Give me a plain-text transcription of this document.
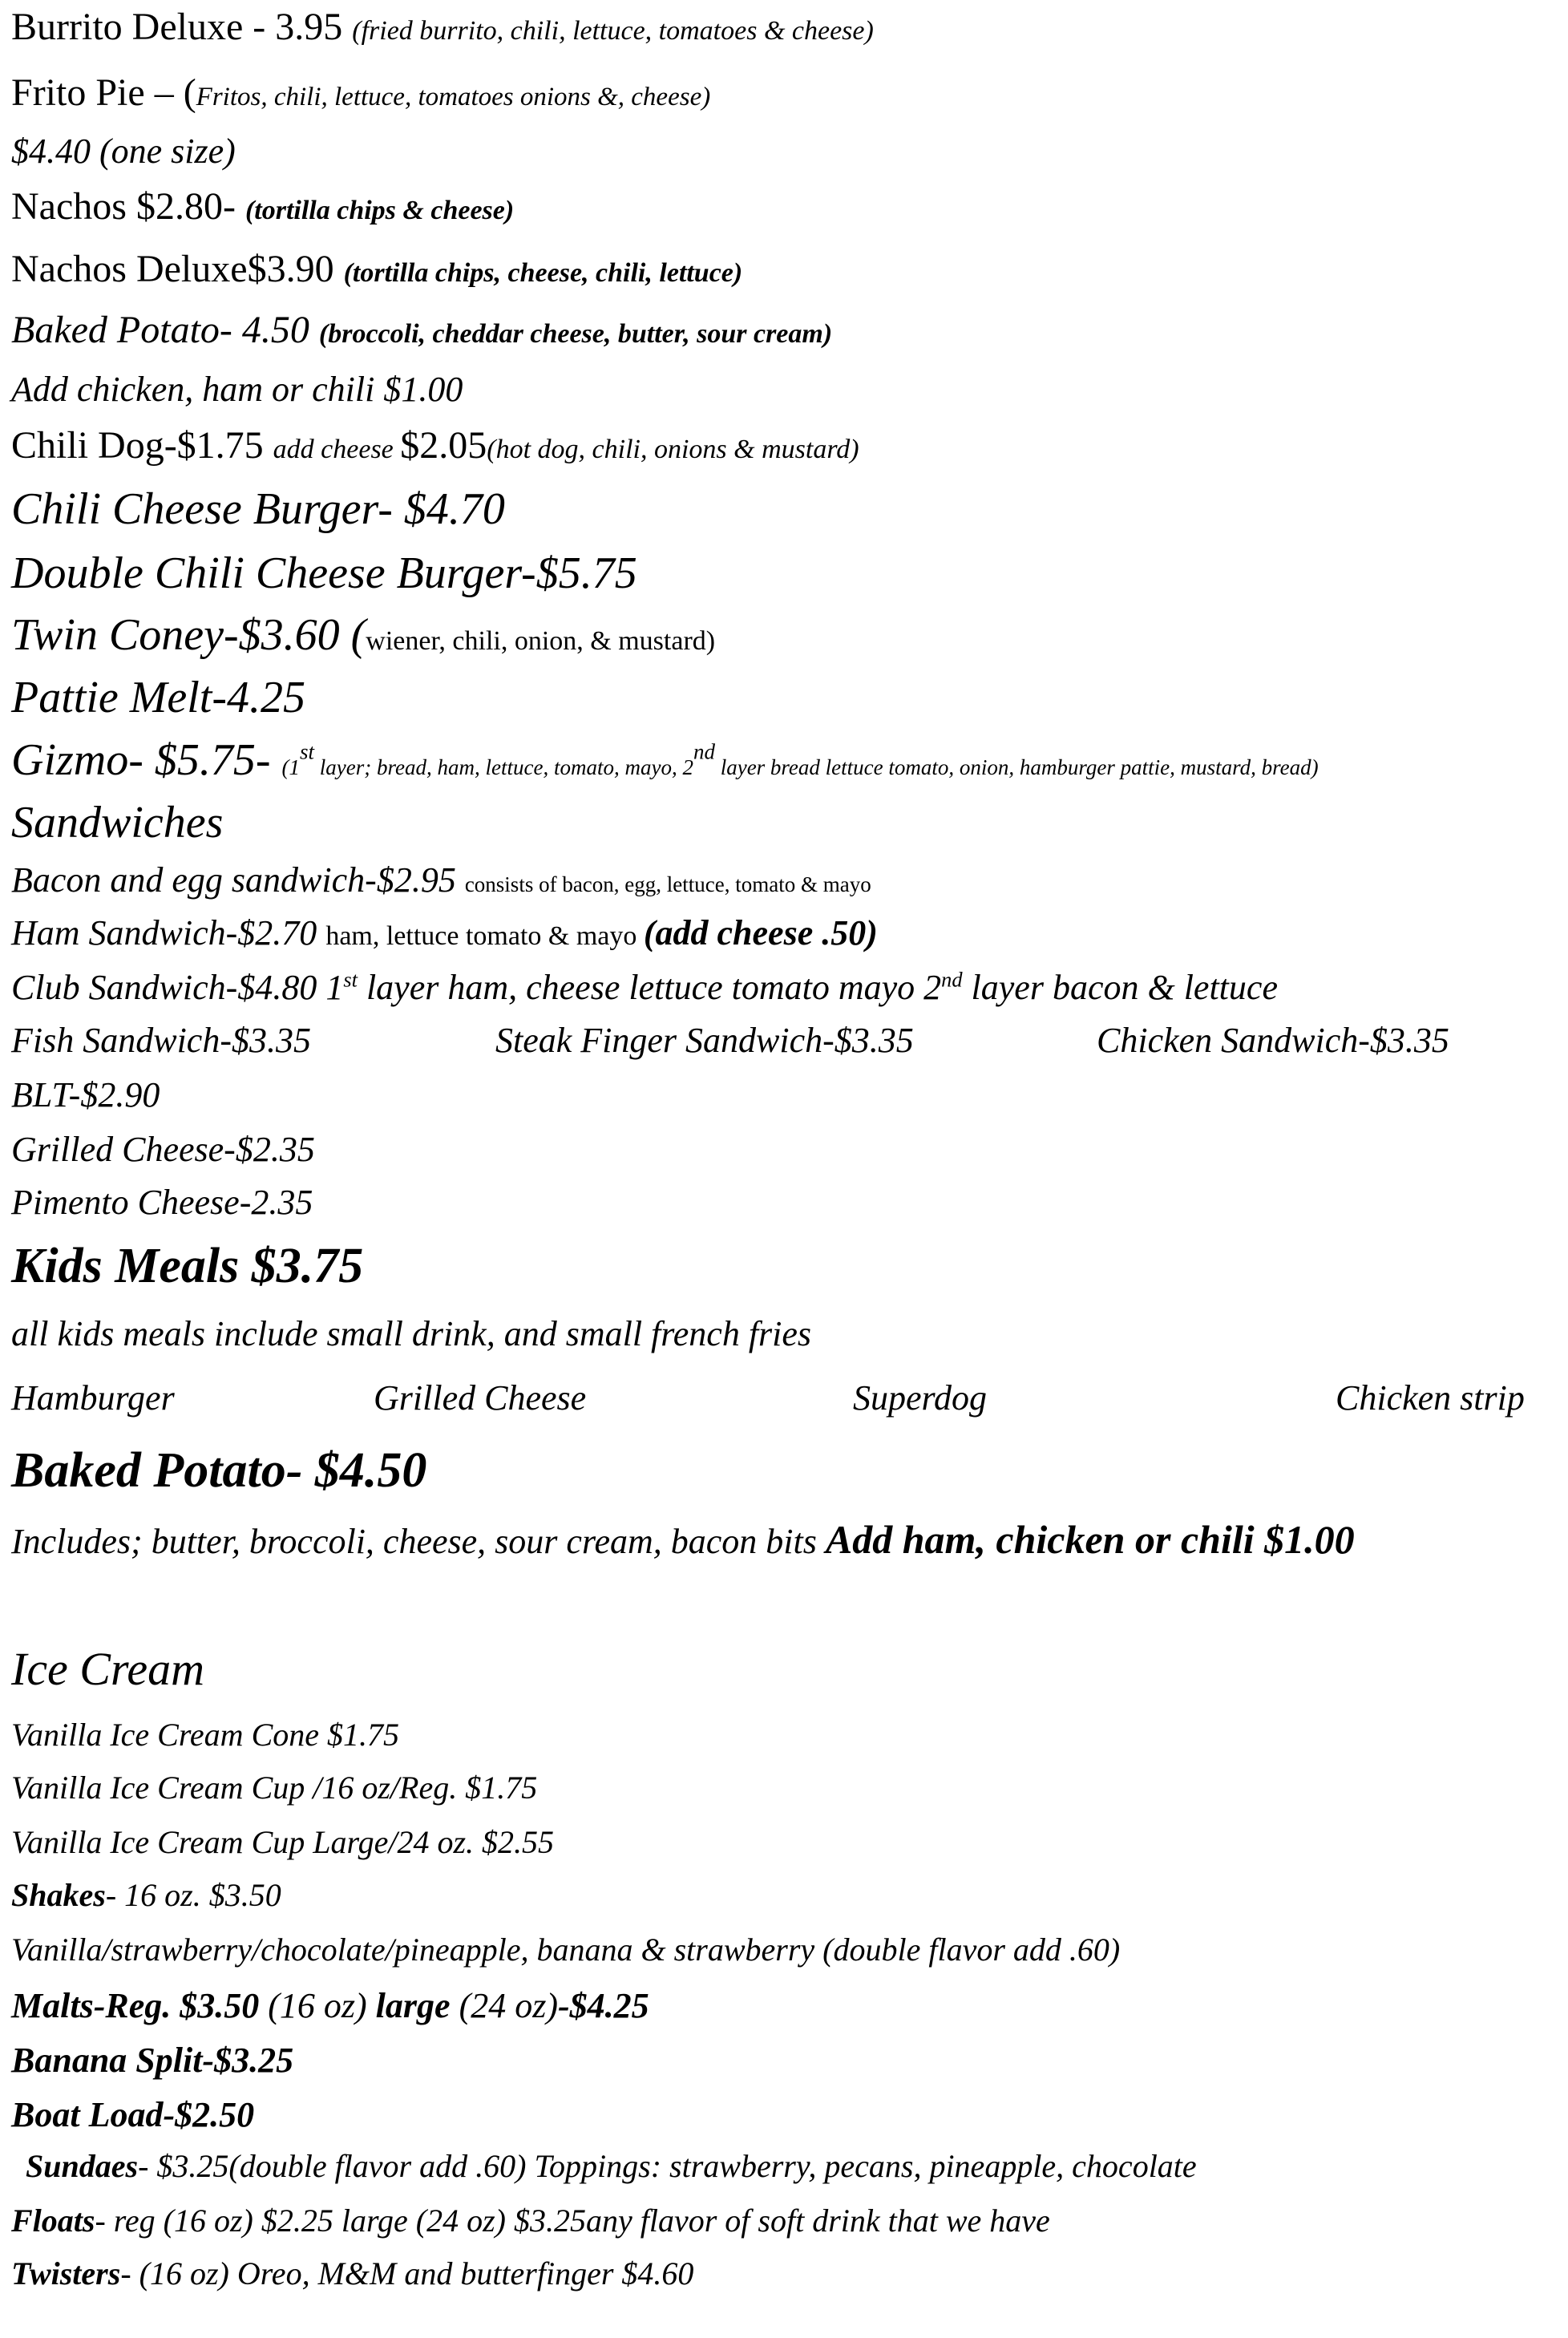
Burrito Deluxe - 3.95 (fried burrito, chili, lettuce, tomatoes & cheese)
Frito Pie – (Fritos, chili, lettuce, tomatoes onions &, cheese)
$4.40 (one size)
Nachos $2.80- (tortilla chips & cheese)
Nachos Deluxe$3.90 (tortilla chips, cheese, chili, lettuce)
Baked Potato- 4.50 (broccoli, cheddar cheese, butter, sour cream)
Add chicken, ham or chili $1.00
Chili Dog-$1.75 add cheese $2.05(hot dog, chili, onions & mustard)
Chili Cheese Burger- $4.70
Double Chili Cheese Burger-$5.75
Twin Coney-$3.60 (wiener, chili, onion, & mustard)
Pattie Melt-4.25
Gizmo- $5.75- (1st layer; bread, ham, lettuce, tomato, mayo, 2nd layer bread lettuce tomato, onion, hamburger pattie, mustard, bread)
Sandwiches
Bacon and egg sandwich-$2.95 consists of bacon, egg, lettuce, tomato & mayo
Ham Sandwich-$2.70 ham, lettuce tomato & mayo (add cheese .50)
Club Sandwich-$4.80 1st layer ham, cheese lettuce tomato mayo 2nd layer bacon & lettuce
Fish Sandwich-$3.35	Steak Finger Sandwich-$3.35	Chicken Sandwich-$3.35
BLT-$2.90
Grilled Cheese-$2.35
Pimento Cheese-2.35
Kids Meals $3.75
all kids meals include small drink, and small french fries
Hamburger	Grilled Cheese	Superdog	Chicken strip
Baked Potato- $4.50
Includes; butter, broccoli, cheese, sour cream, bacon bits Add ham, chicken or chili $1.00
Ice Cream
Vanilla Ice Cream Cone $1.75
Vanilla Ice Cream Cup /16 oz/Reg. $1.75
Vanilla Ice Cream Cup Large/24 oz. $2.55
Shakes- 16 oz. $3.50
Vanilla/strawberry/chocolate/pineapple, banana & strawberry (double flavor add .60)
Malts-Reg. $3.50 (16 oz) large (24 oz)-$4.25
Banana Split-$3.25
Boat Load-$2.50
Sundaes- $3.25(double flavor add .60) Toppings: strawberry, pecans, pineapple, chocolate
Floats- reg (16 oz) $2.25 large (24 oz) $3.25any flavor of soft drink that we have
Twisters- (16 oz) Oreo, M&M and butterfinger $4.60
